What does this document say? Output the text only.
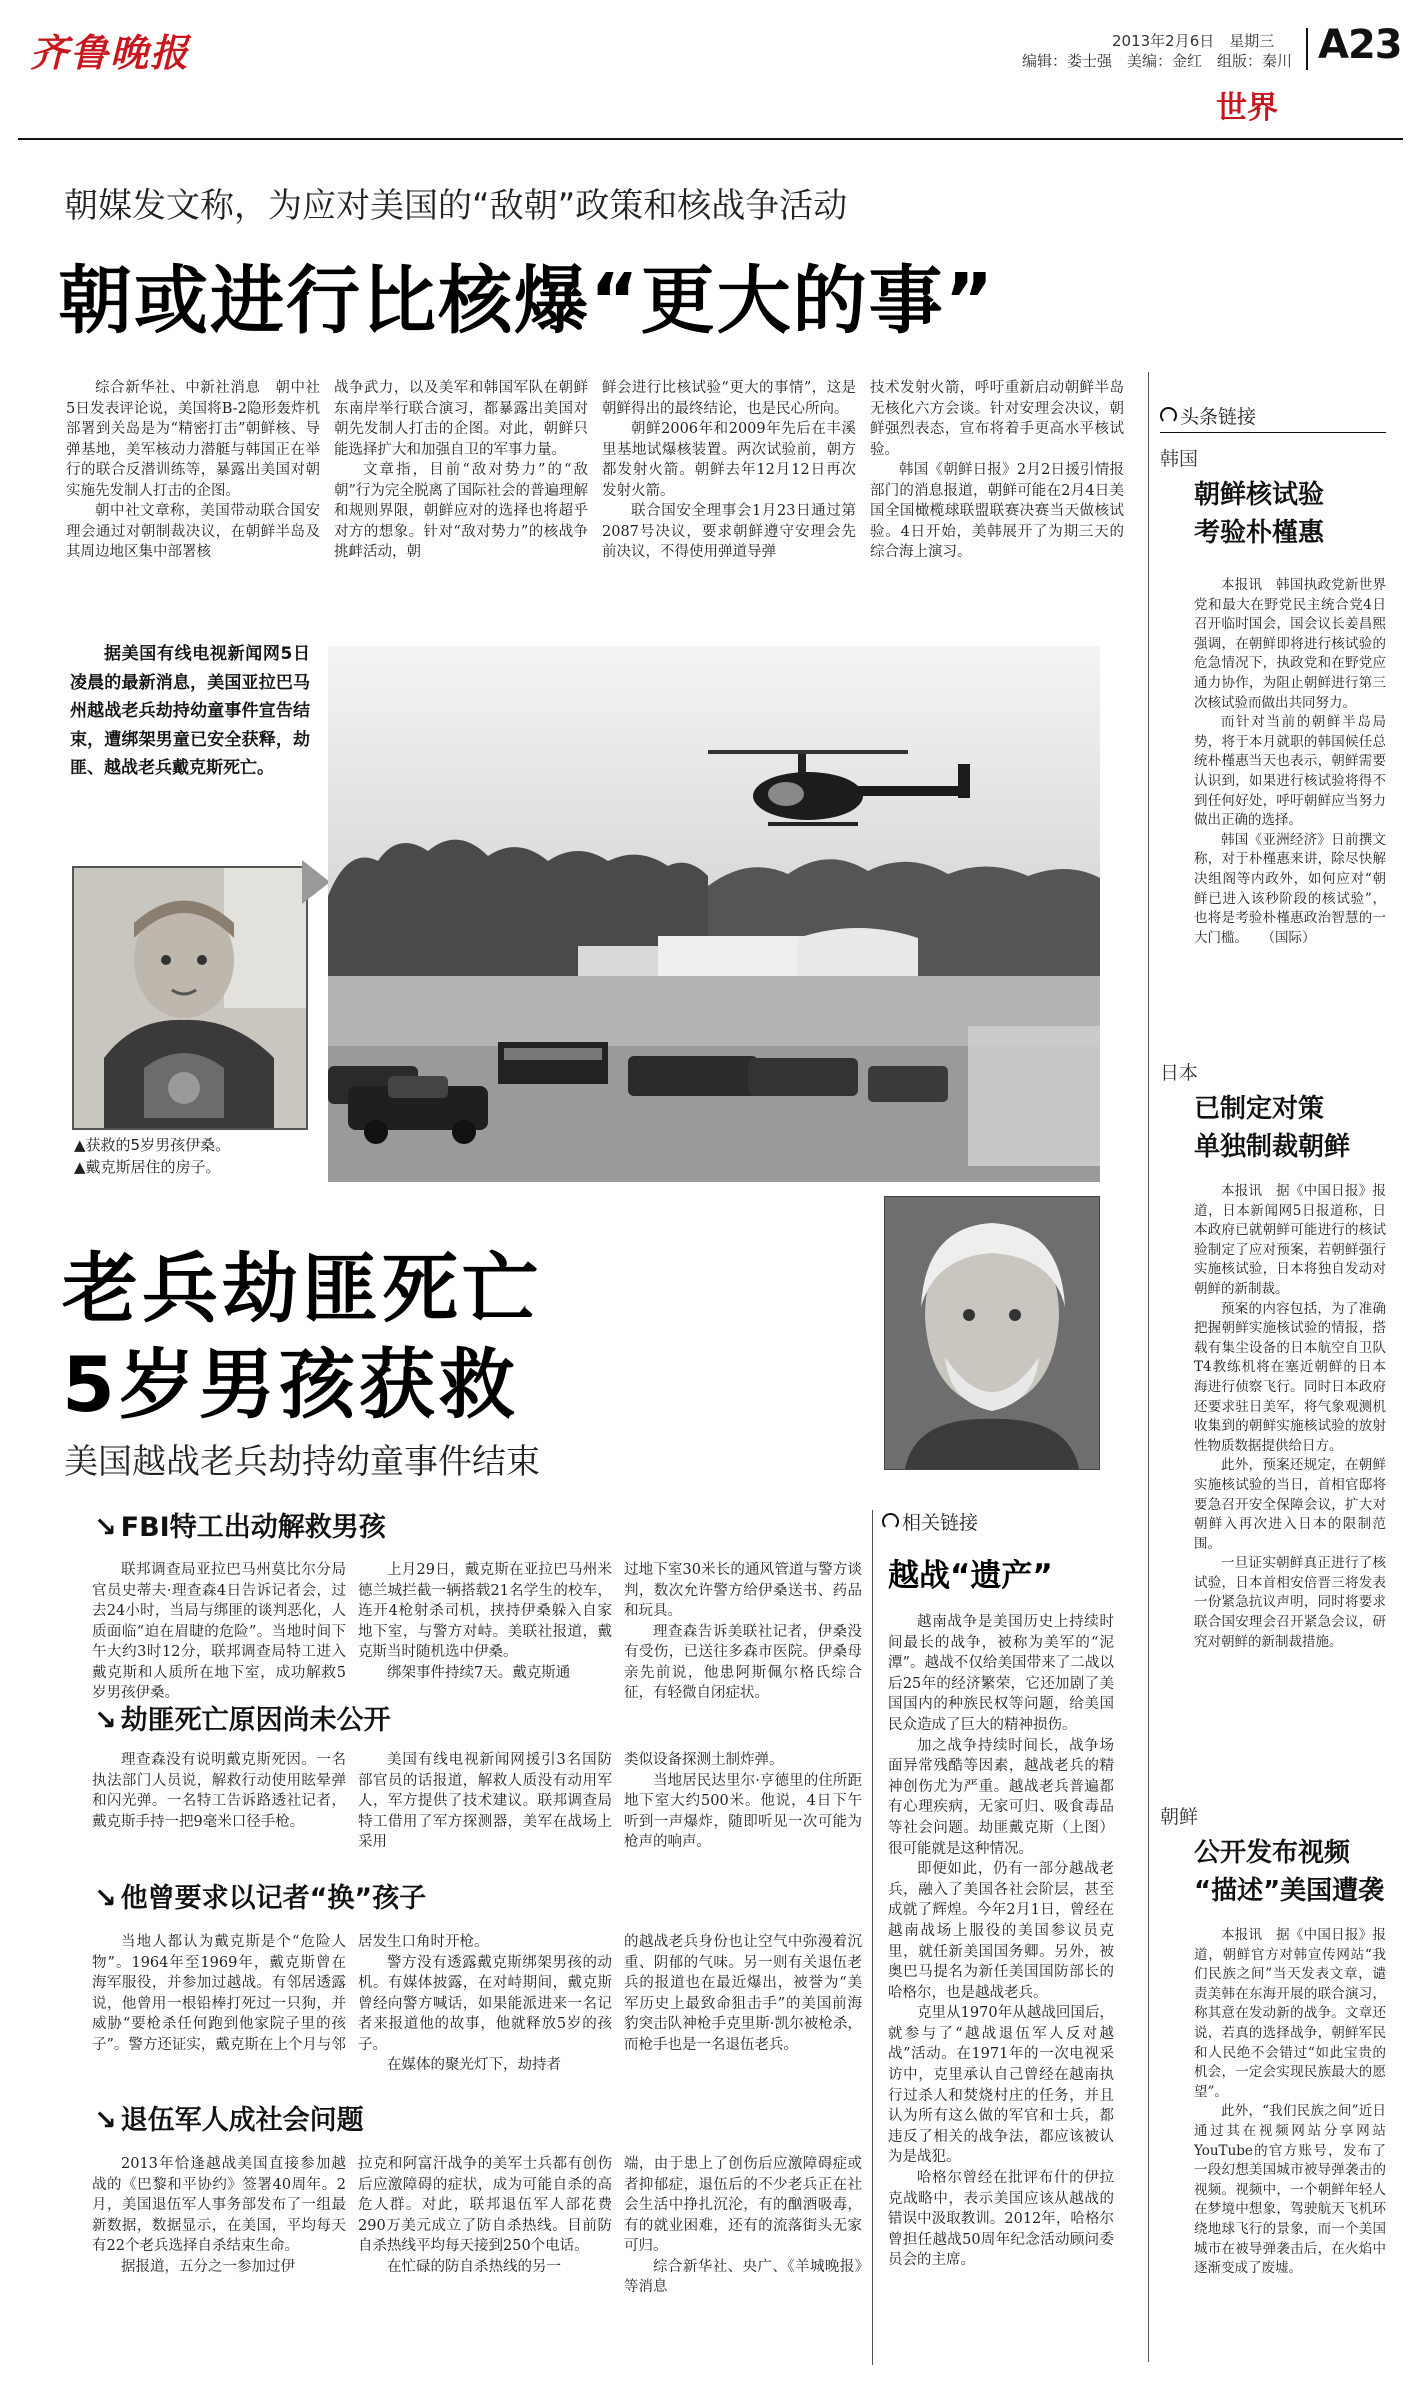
齐鲁晚报	2013年2月6日　星期三
编辑：娄士强　美编：金红　组版：秦川 A23
世界
朝媒发文称，为应对美国的“敌朝”政策和核战争活动
朝或进行比核爆“更大的事”

综合新华社、中新社消息　朝中社5日发表评论说，美国将B-2隐形轰炸机部署到关岛是为“精密打击”朝鲜核、导弹基地，美军核动力潜艇与韩国正在举行的联合反潜训练等，暴露出美国对朝实施先发制人打击的企图。

朝中社文章称，美国带动联合国安理会通过对朝制裁决议，在朝鲜半岛及其周边地区集中部署核

战争武力，以及美军和韩国军队在朝鲜东南岸举行联合演习，都暴露出美国对朝先发制人打击的企图。对此，朝鲜只能选择扩大和加强自卫的军事力量。

文章指，目前“敌对势力”的“敌朝”行为完全脱离了国际社会的普遍理解和规则界限，朝鲜应对的选择也将超乎对方的想象。针对“敌对势力”的核战争挑衅活动，朝

鲜会进行比核试验“更大的事情”，这是朝鲜得出的最终结论，也是民心所向。

朝鲜2006年和2009年先后在丰溪里基地试爆核装置。两次试验前，朝方都发射火箭。朝鲜去年12月12日再次发射火箭。

联合国安全理事会1月23日通过第2087号决议，要求朝鲜遵守安理会先前决议，不得使用弹道导弹

技术发射火箭，呼吁重新启动朝鲜半岛无核化六方会谈。针对安理会决议，朝鲜强烈表态，宣布将着手更高水平核试验。

韩国《朝鲜日报》2月2日援引情报部门的消息报道，朝鲜可能在2月4日美国全国橄榄球联盟联赛决赛当天做核试验。4日开始，美韩展开了为期三天的综合海上演习。

据美国有线电视新闻网5日凌晨的最新消息，美国亚拉巴马州越战老兵劫持幼童事件宣告结束，遭绑架男童已安全获释，劫匪、越战老兵戴克斯死亡。

▲获救的5岁男孩伊桑。
▲戴克斯居住的房子。
老兵劫匪死亡
5岁男孩获救
美国越战老兵劫持幼童事件结束
↘ FBI特工出动解救男孩

联邦调查局亚拉巴马州莫比尔分局官员史蒂夫·理查森4日告诉记者会，过去24小时，当局与绑匪的谈判恶化，人质面临“迫在眉睫的危险”。当地时间下午大约3时12分，联邦调查局特工进入戴克斯和人质所在地下室，成功解救5岁男孩伊桑。

上月29日，戴克斯在亚拉巴马州米德兰城拦截一辆搭载21名学生的校车，连开4枪射杀司机，挟持伊桑躲入自家地下室，与警方对峙。美联社报道，戴克斯当时随机选中伊桑。

绑架事件持续7天。戴克斯通

过地下室30米长的通风管道与警方谈判，数次允许警方给伊桑送书、药品和玩具。

理查森告诉美联社记者，伊桑没有受伤，已送往多森市医院。伊桑母亲先前说，他患阿斯佩尔格氏综合征，有轻微自闭症状。

↘ 劫匪死亡原因尚未公开

理查森没有说明戴克斯死因。一名执法部门人员说，解救行动使用眩晕弹和闪光弹。一名特工告诉路透社记者，戴克斯手持一把9毫米口径手枪。

美国有线电视新闻网援引3名国防部官员的话报道，解救人质没有动用军人，军方提供了技术建议。联邦调查局特工借用了军方探测器，美军在战场上采用

类似设备探测土制炸弹。

当地居民达里尔·亨德里的住所距地下室大约500米。他说，4日下午听到一声爆炸，随即听见一次可能为枪声的响声。

↘ 他曾要求以记者“换”孩子

当地人都认为戴克斯是个“危险人物”。1964年至1969年，戴克斯曾在海军服役，并参加过越战。有邻居透露说，他曾用一根铅棒打死过一只狗，并威胁“要枪杀任何跑到他家院子里的孩子”。警方还证实，戴克斯在上个月与邻

居发生口角时开枪。

警方没有透露戴克斯绑架男孩的动机。有媒体披露，在对峙期间，戴克斯曾经向警方喊话，如果能派进来一名记者来报道他的故事，他就释放5岁的孩子。

在媒体的聚光灯下，劫持者

的越战老兵身份也让空气中弥漫着沉重、阴郁的气味。另一则有关退伍老兵的报道也在最近爆出，被誉为“美军历史上最致命狙击手”的美国前海豹突击队神枪手克里斯·凯尔被枪杀，而枪手也是一名退伍老兵。

↘ 退伍军人成社会问题

2013年恰逢越战美国直接参加越战的《巴黎和平协约》签署40周年。2月，美国退伍军人事务部发布了一组最新数据，数据显示，在美国，平均每天有22个老兵选择自杀结束生命。

据报道，五分之一参加过伊

拉克和阿富汗战争的美军士兵都有创伤后应激障碍的症状，成为可能自杀的高危人群。对此，联邦退伍军人部花费290万美元成立了防自杀热线。目前防自杀热线平均每天接到250个电话。

在忙碌的防自杀热线的另一

端，由于患上了创伤后应激障碍症或者抑郁症，退伍后的不少老兵正在社会生活中挣扎沉沦，有的酗酒吸毒，有的就业困难，还有的流落街头无家可归。

综合新华社、央广、《羊城晚报》等消息

相关链接
越战“遗产”

越南战争是美国历史上持续时间最长的战争，被称为美军的“泥潭”。越战不仅给美国带来了二战以后25年的经济繁荣，它还加剧了美国国内的种族民权等问题，给美国民众造成了巨大的精神损伤。

加之战争持续时间长，战争场面异常残酷等因素，越战老兵的精神创伤尤为严重。越战老兵普遍都有心理疾病，无家可归、吸食毒品等社会问题。劫匪戴克斯（上图）很可能就是这种情况。

即便如此，仍有一部分越战老兵，融入了美国各社会阶层，甚至成就了辉煌。今年2月1日，曾经在越南战场上服役的美国参议员克里，就任新美国国务卿。另外，被奥巴马提名为新任美国国防部长的哈格尔，也是越战老兵。

克里从1970年从越战回国后，就参与了“越战退伍军人反对越战”活动。在1971年的一次电视采访中，克里承认自己曾经在越南执行过杀人和焚烧村庄的任务，并且认为所有这么做的军官和士兵，都违反了相关的战争法，都应该被认为是战犯。

哈格尔曾经在批评布什的伊拉克战略中，表示美国应该从越战的错误中汲取教训。2012年，哈格尔曾担任越战50周年纪念活动顾问委员会的主席。

头条链接
韩国
朝鲜核试验
考验朴槿惠

本报讯　韩国执政党新世界党和最大在野党民主统合党4日召开临时国会，国会议长姜昌熙强调，在朝鲜即将进行核试验的危急情况下，执政党和在野党应通力协作，为阻止朝鲜进行第三次核试验而做出共同努力。

而针对当前的朝鲜半岛局势，将于本月就职的韩国候任总统朴槿惠当天也表示，朝鲜需要认识到，如果进行核试验将得不到任何好处，呼吁朝鲜应当努力做出正确的选择。

韩国《亚洲经济》日前撰文称，对于朴槿惠来讲，除尽快解决组阁等内政外，如何应对“朝鲜已进入该秒阶段的核试验”，也将是考验朴槿惠政治智慧的一大门槛。　　（国际）

日本
已制定对策
单独制裁朝鲜

本报讯　据《中国日报》报道，日本新闻网5日报道称，日本政府已就朝鲜可能进行的核试验制定了应对预案，若朝鲜强行实施核试验，日本将独自发动对朝鲜的新制裁。

预案的内容包括，为了准确把握朝鲜实施核试验的情报，搭载有集尘设备的日本航空自卫队T4教练机将在塞近朝鲜的日本海进行侦察飞行。同时日本政府还要求驻日美军，将气象观测机收集到的朝鲜实施核试验的放射性物质数据提供给日方。

此外，预案还规定，在朝鲜实施核试验的当日，首相官邸将要急召开安全保障会议，扩大对朝鲜入再次进入日本的限制范围。

一旦证实朝鲜真正进行了核试验，日本首相安倍晋三将发表一份紧急抗议声明，同时将要求联合国安理会召开紧急会议，研究对朝鲜的新制裁措施。

朝鲜
公开发布视频
“描述”美国遭袭

本报讯　据《中国日报》报道，朝鲜官方对韩宣传网站“我们民族之间”当天发表文章，谴责美韩在东海开展的联合演习，称其意在发动新的战争。文章还说，若真的选择战争，朝鲜军民和人民绝不会错过“如此宝贵的机会，一定会实现民族最大的愿望”。

此外，“我们民族之间”近日通过其在视频网站分享网站YouTube的官方账号，发布了一段幻想美国城市被导弹袭击的视频。视频中，一个朝鲜年轻人在梦境中想象，驾驶航天飞机环绕地球飞行的景象，而一个美国城市在被导弹袭击后，在火焰中逐渐变成了废墟。
